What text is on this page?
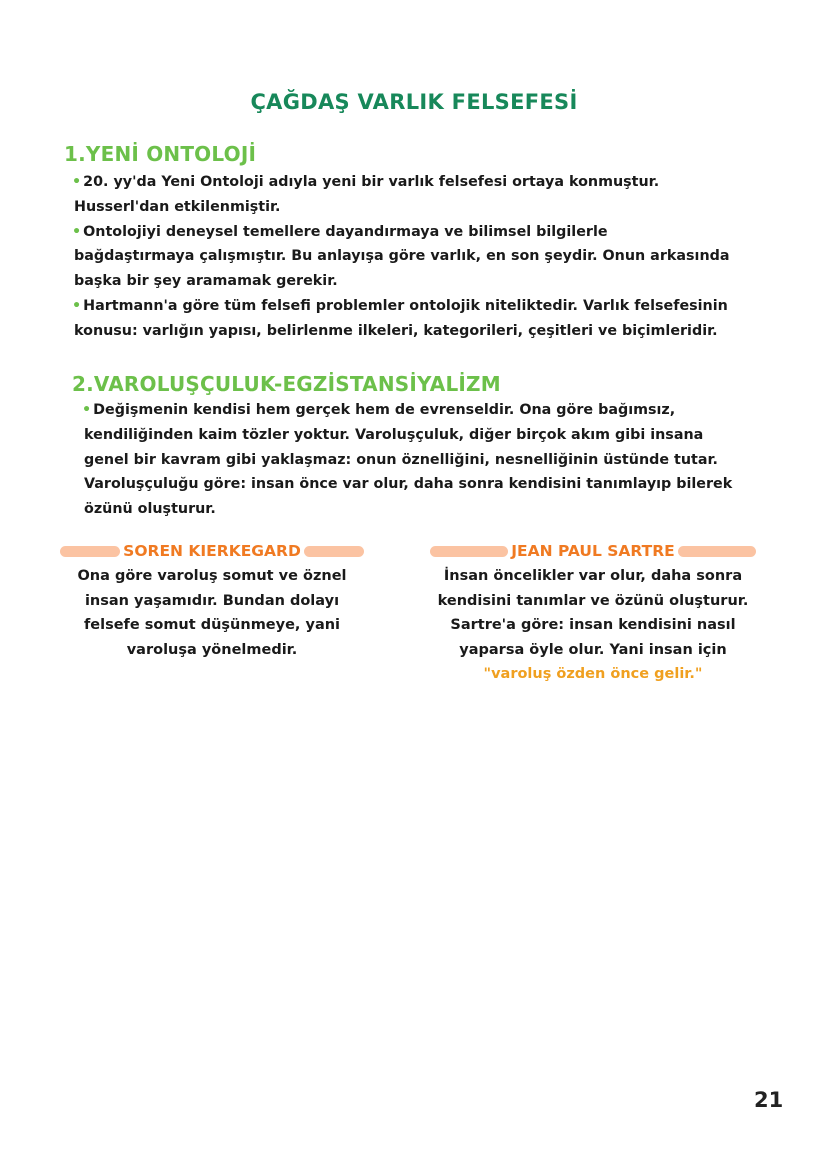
ÇAĞDAŞ VARLIK FELSEFESİ
1.YENİ ONTOLOJİ
• 20. yy'da Yeni Ontoloji adıyla yeni bir varlık felsefesi ortaya konmuştur.
Husserl'dan etkilenmiştir.
• Ontolojiyi deneysel temellere dayandırmaya ve bilimsel bilgilerle
bağdaştırmaya çalışmıştır. Bu anlayışa göre varlık, en son şeydir. Onun arkasında
başka bir şey aramamak gerekir.
• Hartmann'a göre tüm felsefi problemler ontolojik niteliktedir. Varlık felsefesinin
konusu: varlığın yapısı, belirlenme ilkeleri, kategorileri, çeşitleri ve biçimleridir.
2.VAROLUŞÇULUK-EGZİSTANSİYALİZM
• Değişmenin kendisi hem gerçek hem de evrenseldir. Ona göre bağımsız,
kendiliğinden kaim tözler yoktur. Varoluşçuluk, diğer birçok akım gibi insana
genel bir kavram gibi yaklaşmaz: onun öznelliğini, nesnelliğinin üstünde tutar.
Varoluşçuluğu göre: insan önce var olur, daha sonra kendisini tanımlayıp bilerek
özünü oluşturur.
SOREN KIERKEGARD
Ona göre varoluş somut ve öznel
insan yaşamıdır. Bundan dolayı
felsefe somut düşünmeye, yani
varoluşa yönelmedir.
JEAN PAUL SARTRE
İnsan öncelikler var olur, daha sonra
kendisini tanımlar ve özünü oluşturur.
Sartre'a göre: insan kendisini nasıl
yaparsa öyle olur. Yani insan için
"varoluş özden önce gelir."
21
